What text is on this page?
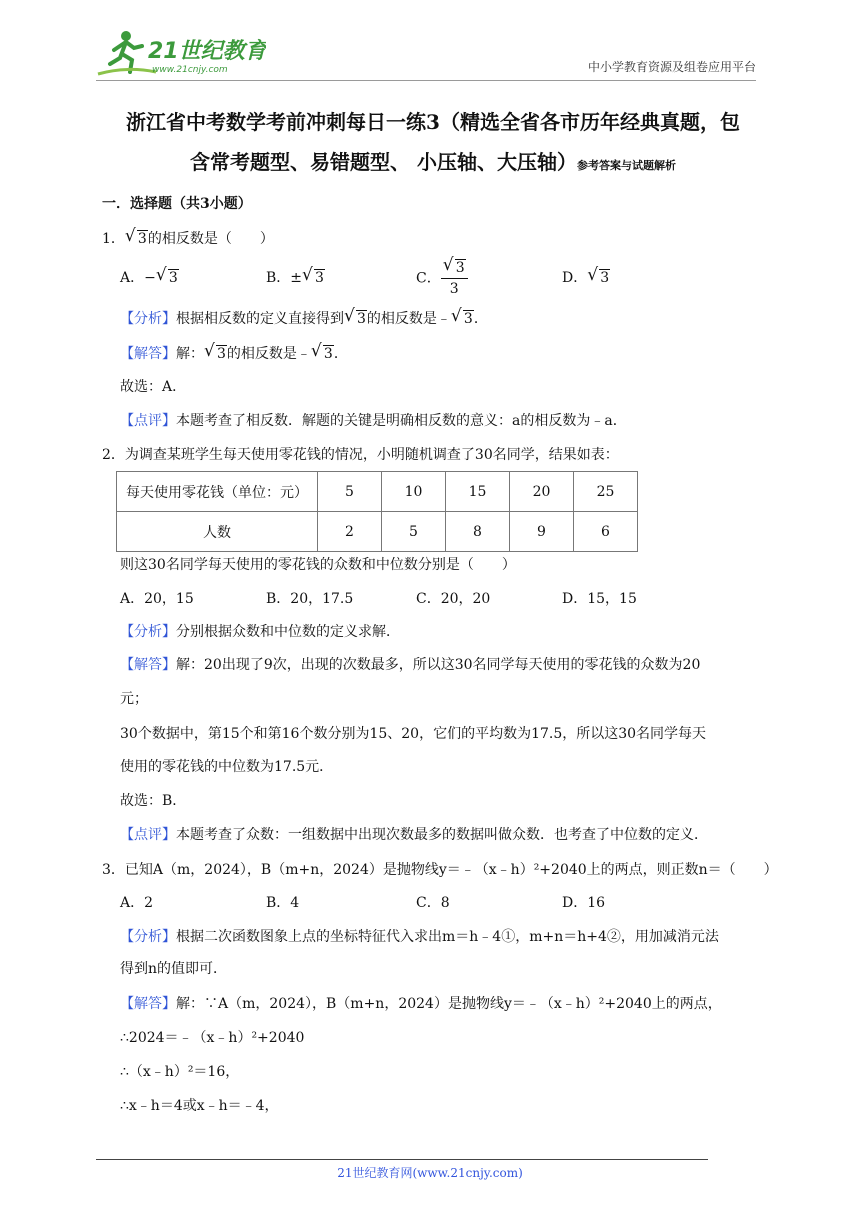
21世纪教育
www.21cnjy.com	中小学教育资源及组卷应用平台
浙江省中考数学考前冲刺每日一练3（精选全省各市历年经典真题，包
含常考题型、易错题型、 小压轴、大压轴）参考答案与试题解析
一．选择题（共3小题）
1． √ 3的相反数是（　　）
A．− √ 3	B．± √ 3	C． $\frac{√ 3}{3}$	D． √ 3
【分析】根据相反数的定义直接得到 √ 3的相反数是﹣ √ 3．
【解答】解： √ 3的相反数是﹣ √ 3．
故选：A．
【点评】本题考查了相反数．解题的关键是明确相反数的意义：a的相反数为﹣a．
2．为调查某班学生每天使用零花钱的情况，小明随机调查了30名同学，结果如表：
每天使用零花钱（单位：元）	5	10	15	20	25
人数	2	5	8	9	6
则这30名同学每天使用的零花钱的众数和中位数分别是（　　）
A．20，15	B．20，17.5	C．20，20	D．15，15
【分析】分别根据众数和中位数的定义求解．
【解答】解：20出现了9次，出现的次数最多，所以这30名同学每天使用的零花钱的众数为20
元；
30个数据中，第15个和第16个数分别为15、20，它们的平均数为17.5，所以这30名同学每天
使用的零花钱的中位数为17.5元．
故选：B．
【点评】本题考查了众数：一组数据中出现次数最多的数据叫做众数．也考查了中位数的定义．
3．已知A（m，2024），B（m+n，2024）是抛物线y＝﹣（x﹣h）²+2040上的两点，则正数n＝（　　）
A．2	B．4	C．8	D．16
【分析】根据二次函数图象上点的坐标特征代入求出m＝h﹣4①，m+n＝h+4②，用加减消元法
得到n的值即可．
【解答】解：∵A（m，2024），B（m+n，2024）是抛物线y＝﹣（x﹣h）²+2040上的两点，
∴2024＝﹣（x﹣h）²+2040
∴（x﹣h）²＝16，
∴x﹣h＝4或x﹣h＝﹣4，
21世纪教育网(www.21cnjy.com)
